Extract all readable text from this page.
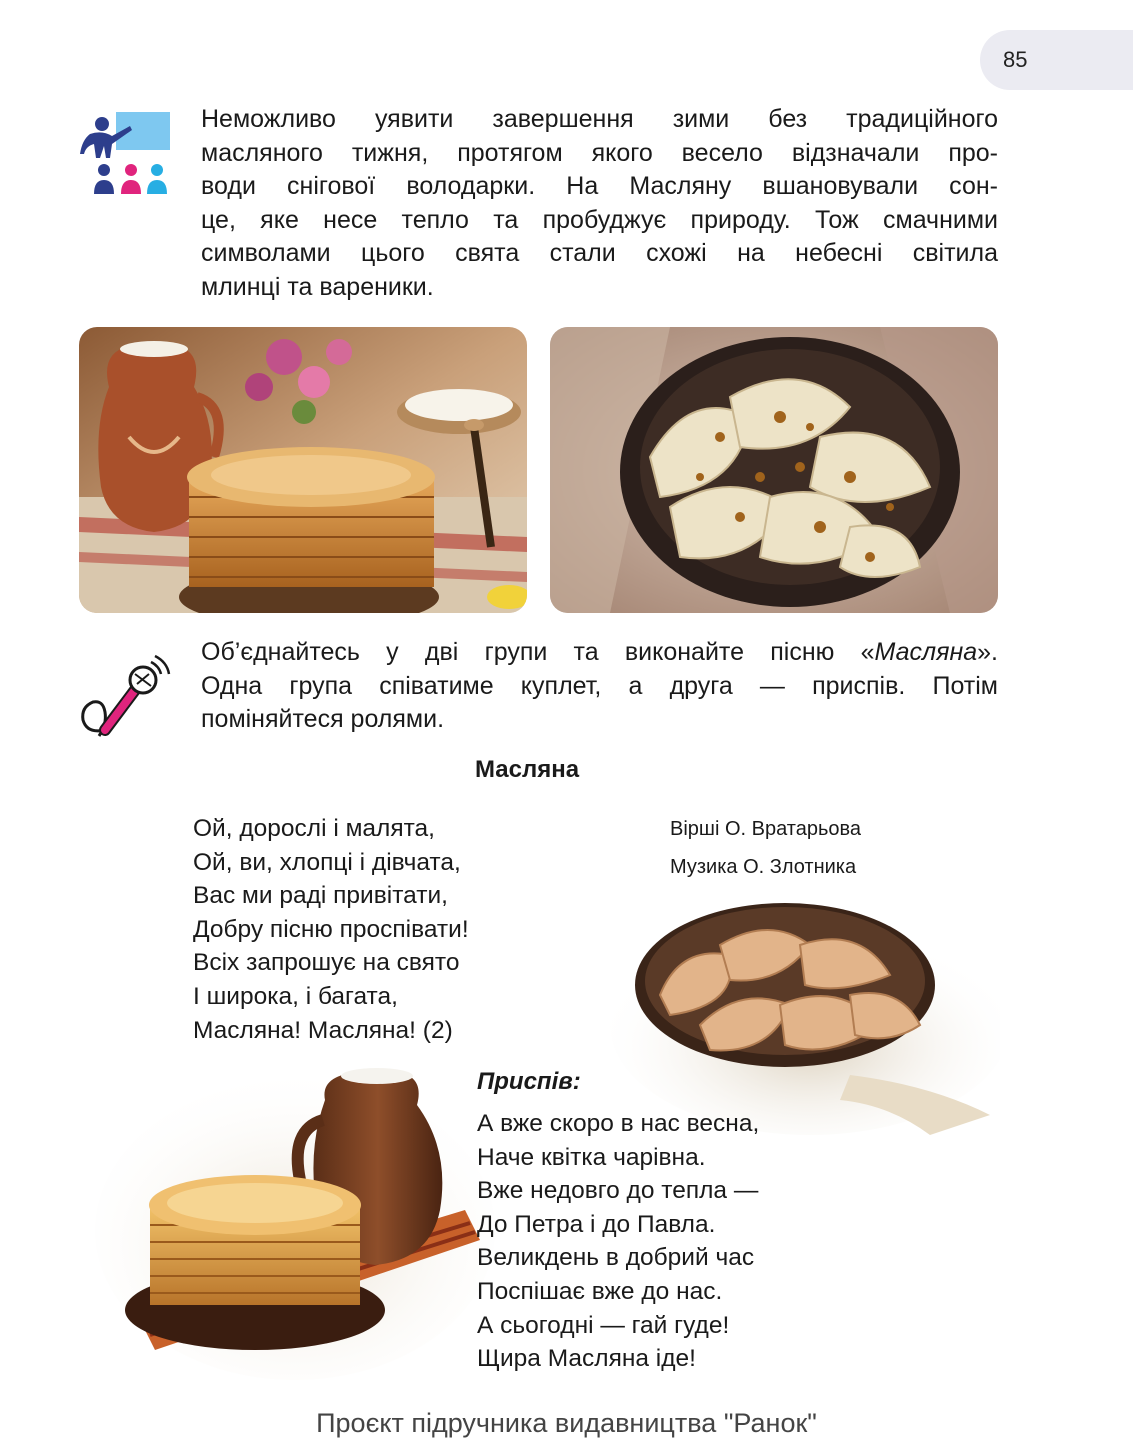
85
Неможливо уявити завершення зими без традиційного
масляного тижня, протягом якого весело відзначали про-
води снігової володарки. На Масляну вшановували сон-
це, яке несе тепло та пробуджує природу. Тож смачними
символами цього свята стали схожі на небесні світила
млинці та вареники.
Об’єднайтесь у дві групи та виконайте пісню «Масляна».
Одна група співатиме куплет, а друга — приспів. Потім
поміняйтеся ролями.
Масляна
Вірші О. Вратарьова
Музика О. Злотника
Ой, дорослі і малята,
Ой, ви, хлопці і дівчата,
Вас ми раді привітати,
Добру пісню проспівати!
Всіх запрошує на свято
І широка, і багата,
Масляна! Масляна! (2)
Приспів:
А вже скоро в нас весна,
Наче квітка чарівна.
Вже недовго до тепла —
До Петра і до Павла.
Великдень в добрий час
Поспішає вже до нас.
А сьогодні — гай гуде!
Щира Масляна іде!
Проєкт підручника видавництва "Ранок"
